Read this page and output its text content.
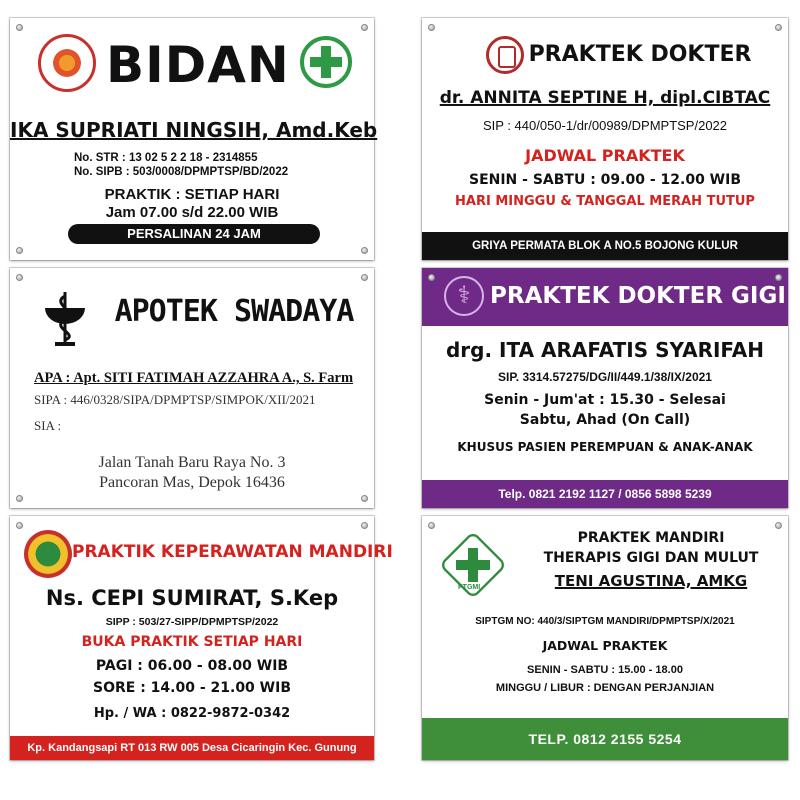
BIDAN
IKA SUPRIATI NINGSIH, Amd.Keb
No. STR : 13 02 5 2 2 18 - 2314855
No. SIPB : 503/0008/DPMPTSP/BD/2022
PRAKTIK : SETIAP HARI
Jam 07.00 s/d 22.00 WIB
PERSALINAN 24 JAM
PRAKTEK DOKTER
dr. ANNITA SEPTINE H, dipl.CIBTAC
SIP : 440/050-1/dr/00989/DPMPTSP/2022
JADWAL PRAKTEK
SENIN - SABTU : 09.00 - 12.00 WIB
HARI MINGGU & TANGGAL MERAH TUTUP
GRIYA PERMATA BLOK A NO.5 BOJONG KULUR
APOTEK SWADAYA
APA : Apt. SITI FATIMAH AZZAHRA A., S. Farm
SIPA : 446/0328/SIPA/DPMPTSP/SIMPOK/XII/2021
SIA :
Jalan Tanah Baru Raya No. 3
Pancoran Mas, Depok 16436
⚕
PRAKTEK DOKTER GIGI
drg. ITA ARAFATIS SYARIFAH
SIP. 3314.57275/DG/II/449.1/38/IX/2021
Senin - Jum'at : 15.30 - Selesai
Sabtu, Ahad (On Call)
KHUSUS PASIEN PEREMPUAN & ANAK-ANAK
Telp. 0821 2192 1127 / 0856 5898 5239
PRAKTIK KEPERAWATAN MANDIRI
Ns. CEPI SUMIRAT, S.Kep
SIPP : 503/27-SIPP/DPMPTSP/2022
BUKA PRAKTIK SETIAP HARI
PAGI : 06.00 - 08.00 WIB
SORE : 14.00 - 21.00 WIB
Hp. / WA : 0822-9872-0342
Kp. Kandangsapi RT 013 RW 005 Desa Cicaringin Kec. Gunung Kencana
PTGMI
PRAKTEK MANDIRI
THERAPIS GIGI DAN MULUT
TENI AGUSTINA, AMKG
SIPTGM NO: 440/3/SIPTGM MANDIRI/DPMPTSP/X/2021
JADWAL PRAKTEK
SENIN - SABTU : 15.00 - 18.00
MINGGU / LIBUR : DENGAN PERJANJIAN
TELP. 0812 2155 5254
